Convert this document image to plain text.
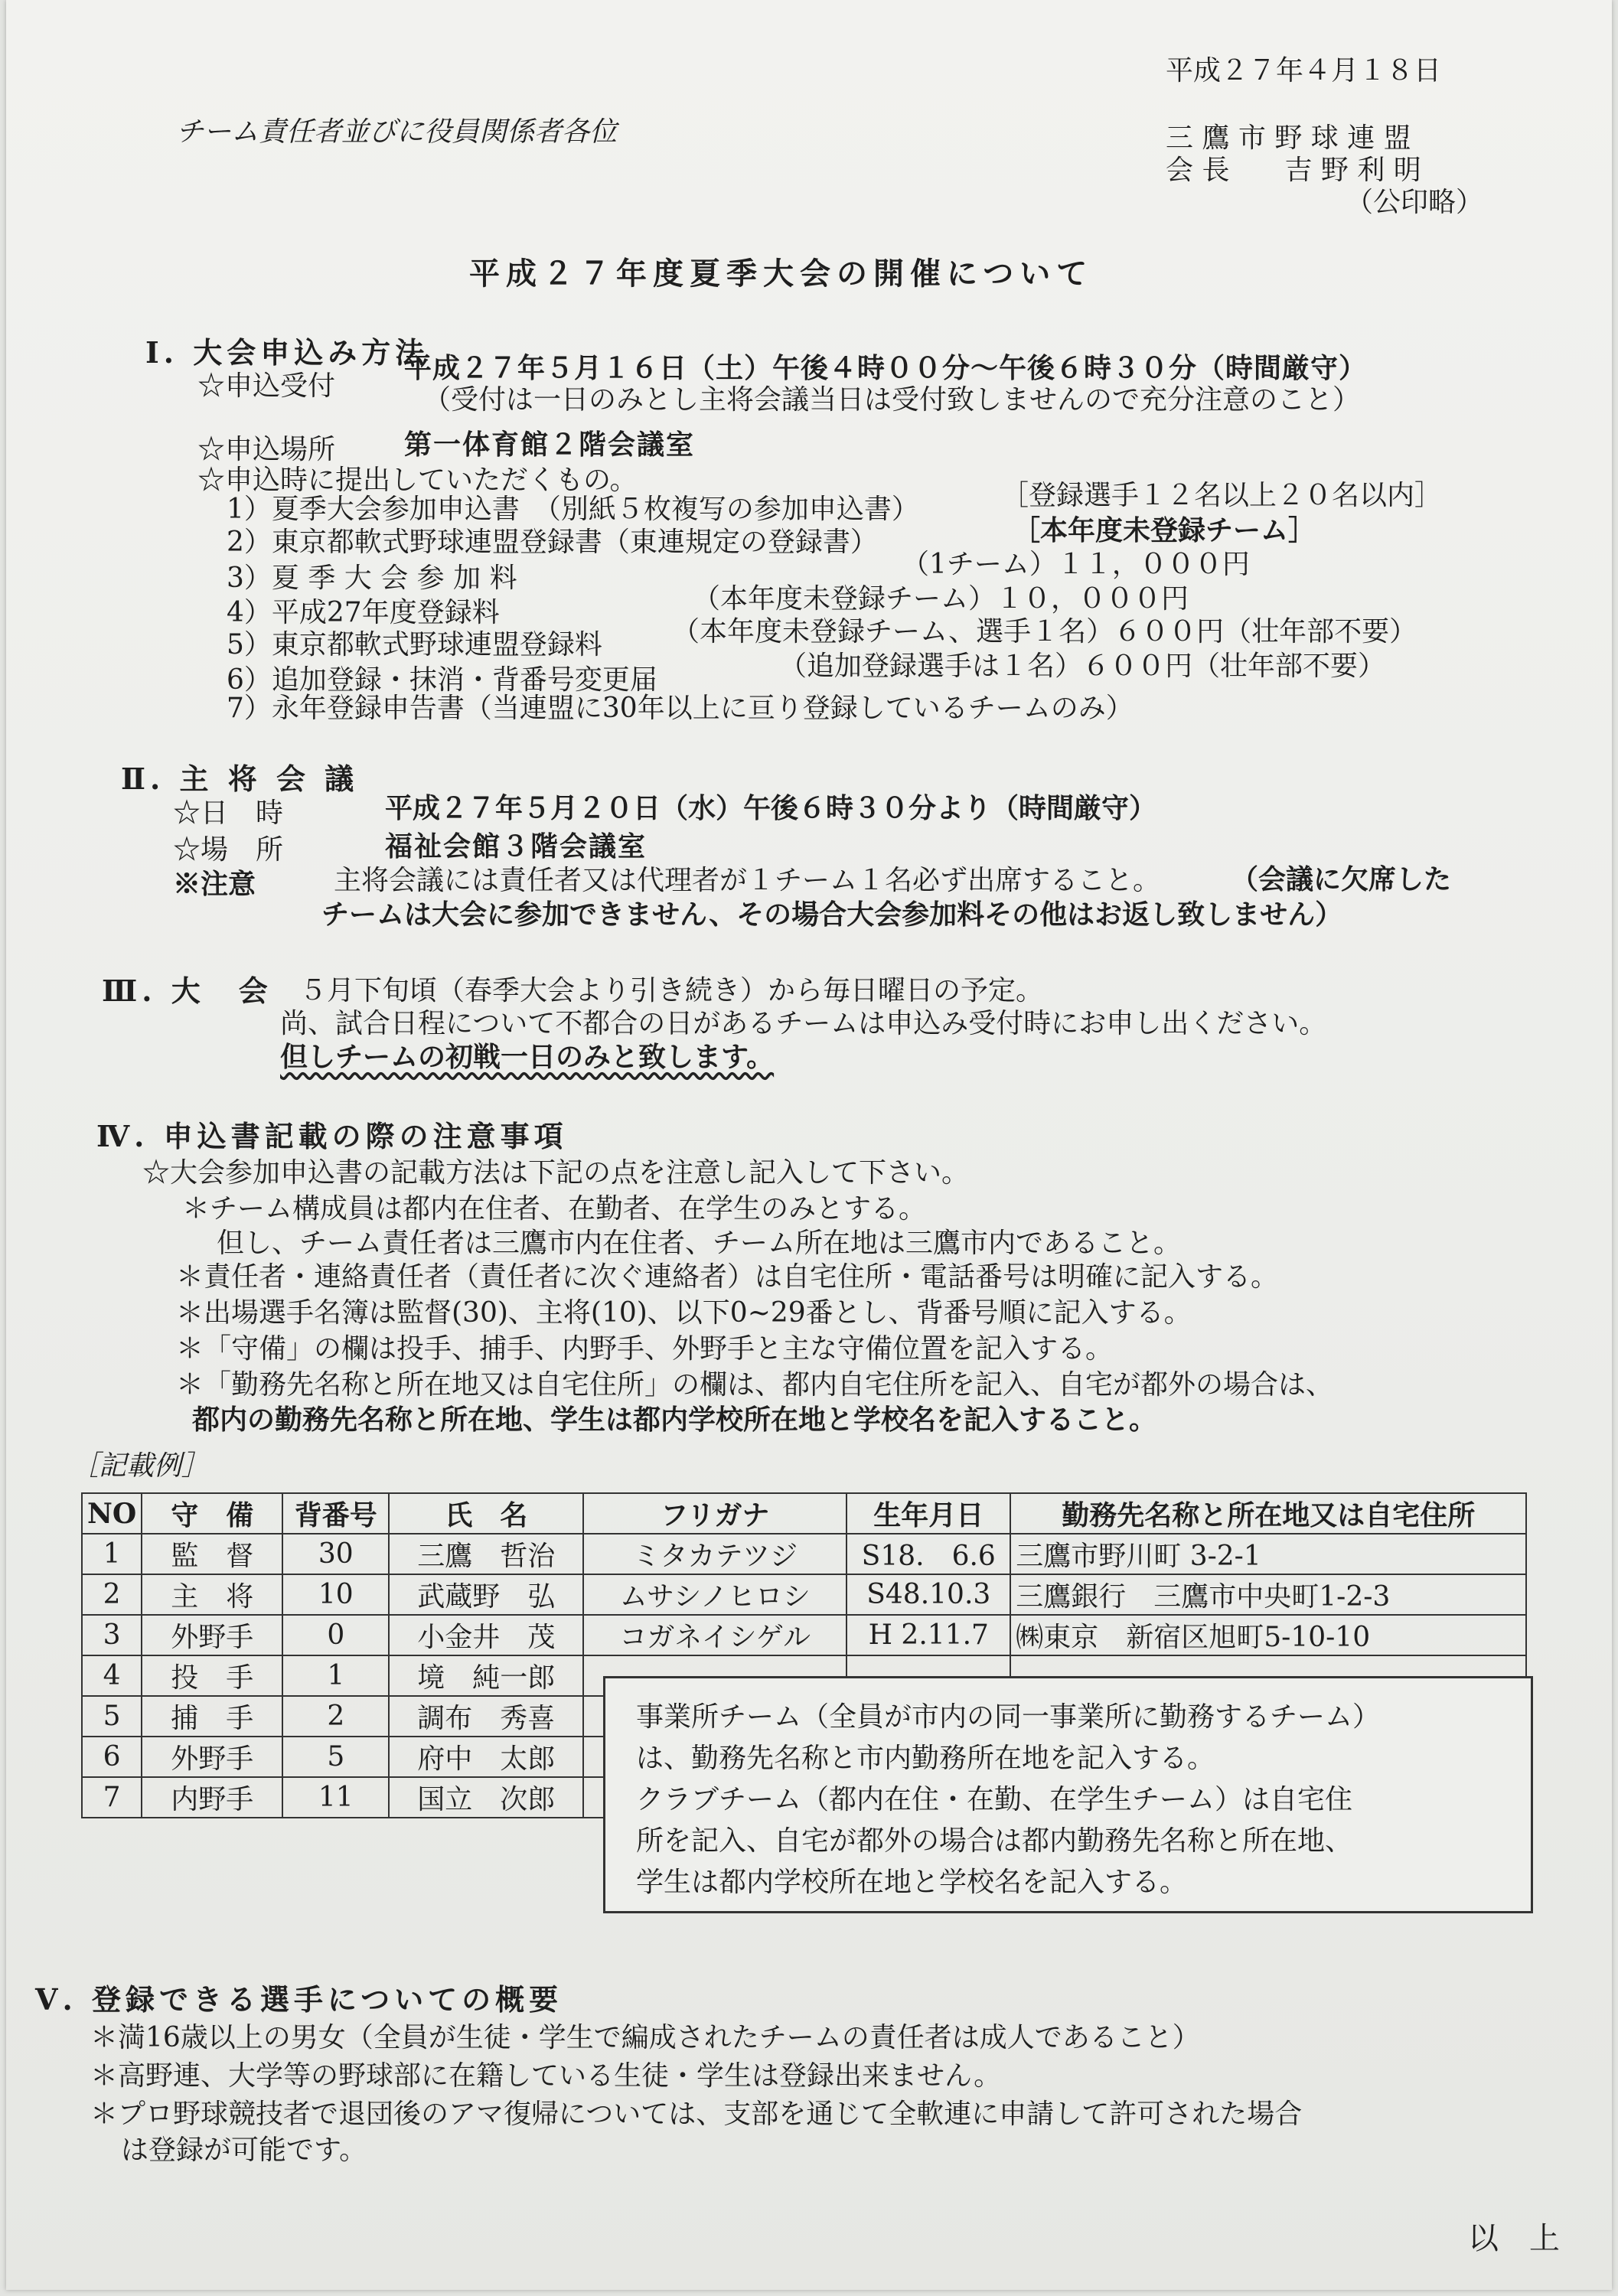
平成２７年４月１８日
チーム責任者並びに役員関係者各位	三 鷹 市 野 球 連 盟
会 長　　吉 野 利 明
（公印略）
平成２７年度夏季大会の開催について
Ⅰ. 大会申込み方法
☆申込受付
平成２７年５月１６日（土）午後４時００分～午後６時３０分（時間厳守）
（受付は一日のみとし主将会議当日は受付致しませんので充分注意のこと）
☆申込場所 第一体育館２階会議室
☆申込時に提出していただくもの。
1）夏季大会参加申込書　（別紙５枚複写の参加申込書）	［登録選手１２名以上２０名以内］
2）東京都軟式野球連盟登録書（東連規定の登録書）	［本年度未登録チーム］
3）夏 季 大 会 参 加 料	（1チーム）１１，０００円
4）平成27年度登録料	（本年度未登録チーム）１０，０００円
5）東京都軟式野球連盟登録料	（本年度未登録チーム、選手１名）６００円（壮年部不要）
6）追加登録・抹消・背番号変更届	（追加登録選手は１名）６００円（壮年部不要）
7）永年登録申告書（当連盟に30年以上に亘り登録しているチームのみ）
Ⅱ. 主 将 会 議
☆日　時	平成２７年５月２０日（水）午後６時３０分より（時間厳守）
☆場　所	福祉会館３階会議室
※注意	主将会議には責任者又は代理者が１チーム１名必ず出席すること。	（会議に欠席した
チームは大会に参加できません、その場合大会参加料その他はお返し致しません）
Ⅲ. 大　会 ５月下旬頃（春季大会より引き続き）から毎日曜日の予定。
尚、試合日程について不都合の日があるチームは申込み受付時にお申し出ください。
但しチームの初戦一日のみと致します。
Ⅳ. 申込書記載の際の注意事項
☆大会参加申込書の記載方法は下記の点を注意し記入して下さい。
＊チーム構成員は都内在住者、在勤者、在学生のみとする。
但し、チーム責任者は三鷹市内在住者、チーム所在地は三鷹市内であること。
＊責任者・連絡責任者（責任者に次ぐ連絡者）は自宅住所・電話番号は明確に記入する。
＊出場選手名簿は監督(30)、主将(10)、以下0~29番とし、背番号順に記入する。
＊「守備」の欄は投手、捕手、内野手、外野手と主な守備位置を記入する。
＊「勤務先名称と所在地又は自宅住所」の欄は、都内自宅住所を記入、自宅が都外の場合は、
都内の勤務先名称と所在地、学生は都内学校所在地と学校名を記入すること。
［記載例］
NO	守　備	背番号	氏　名	フリガナ	生年月日	勤務先名称と所在地又は自宅住所
1	監　督	30	三鷹　哲治	ミタカテツジ	S18.　6.6	三鷹市野川町 3-2-1
2	主　将	10	武蔵野　弘	ムサシノヒロシ	S48.10.3	三鷹銀行　三鷹市中央町1-2-3
3	外野手	0	小金井　茂	コガネイシゲル	H 2.11.7	㈱東京　新宿区旭町5-10-10
4	投　手	1	境　純一郎			
5	捕　手	2	調布　秀喜			
6	外野手	5	府中　太郎			
7	内野手	11	国立　次郎			
事業所チーム（全員が市内の同一事業所に勤務するチーム）
は、勤務先名称と市内勤務所在地を記入する。
クラブチーム（都内在住・在勤、在学生チーム）は自宅住
所を記入、自宅が都外の場合は都内勤務先名称と所在地、
学生は都内学校所在地と学校名を記入する。
Ⅴ. 登録できる選手についての概要
＊満16歳以上の男女（全員が生徒・学生で編成されたチームの責任者は成人であること）
＊高野連、大学等の野球部に在籍している生徒・学生は登録出来ません。
＊プロ野球競技者で退団後のアマ復帰については、支部を通じて全軟連に申請して許可された場合
は登録が可能です。
以　上
